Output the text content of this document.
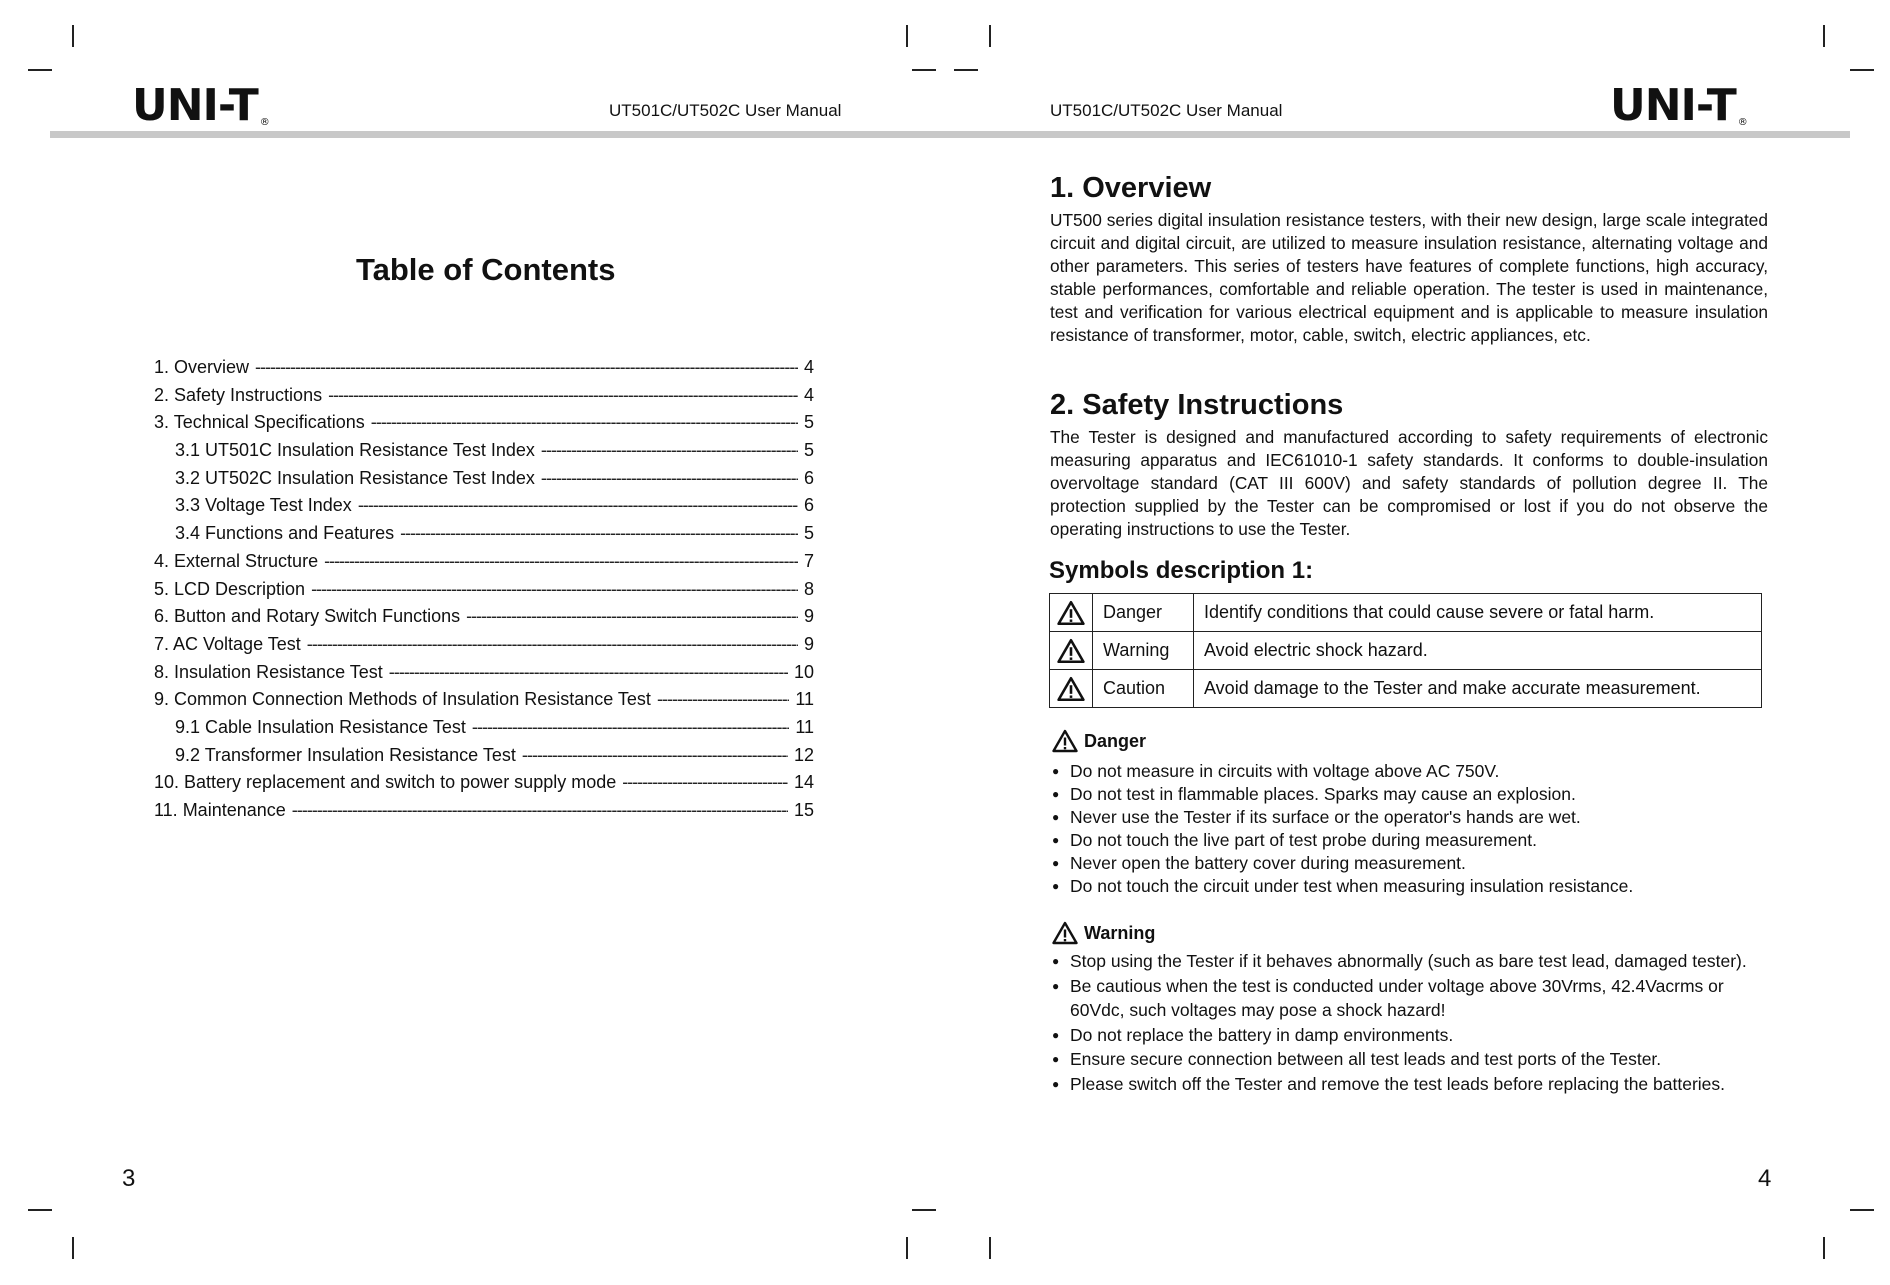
UNI-T ®
UT501C/UT502C User Manual	UT501C/UT502C User Manual	UNI-T ®
Table of Contents
1. Overview -----	4
2. Safety Instructions -----	4
3. Technical Specifications -----	5
3.1 UT501C Insulation Resistance Test Index -----	5
3.2 UT502C Insulation Resistance Test Index -----	6
3.3 Voltage Test Index -----	6
3.4 Functions and Features -----	5
4. External Structure -----	7
5. LCD Description -----	8
6. Button and Rotary Switch Functions -----	9
7. AC Voltage Test -----	9
8. Insulation Resistance Test -----	10
9. Common Connection Methods of Insulation Resistance Test -----	11
9.1 Cable Insulation Resistance Test -----	11
9.2 Transformer Insulation Resistance Test -----	12
10. Battery replacement and switch to power supply mode -----	14
11. Maintenance -----	15
3
1. Overview

UT500 series digital insulation resistance testers, with their new design, large scale integrated circuit and digital circuit, are utilized to measure insulation resistance, alternating voltage and other parameters. This series of testers have features of complete functions, high accuracy, stable performances, comfortable and reliable operation. The tester is used in maintenance, test and verification for various electrical equipment and is applicable to measure insulation resistance of transformer, motor, cable, switch, electric appliances, etc.

2. Safety Instructions

The Tester is designed and manufactured according to safety requirements of electronic measuring apparatus and IEC61010-1 safety standards. It conforms to double-insulation overvoltage standard (CAT III 600V) and safety standards of pollution degree II. The protection supplied by the Tester can be compromised or lost if you do not observe the operating instructions to use the Tester.

Symbols description 1:
	Danger	Identify conditions that could cause severe or fatal harm.

	Warning	Avoid electric shock hazard.

	Caution	Avoid damage to the Tester and make accurate measurement.
Danger
● Do not measure in circuits with voltage above AC 750V.
● Do not test in flammable places. Sparks may cause an explosion.
● Never use the Tester if its surface or the operator's hands are wet.
● Do not touch the live part of test probe during measurement.
● Never open the battery cover during measurement.
● Do not touch the circuit under test when measuring insulation resistance.
Warning
● Stop using the Tester if it behaves abnormally (such as bare test lead, damaged tester).
● Be cautious when the test is conducted under voltage above 30Vrms, 42.4Vacrms or 60Vdc, such voltages may pose a shock hazard!
● Do not replace the battery in damp environments.
● Ensure secure connection between all test leads and test ports of the Tester.
● Please switch off the Tester and remove the test leads before replacing the batteries.
4
